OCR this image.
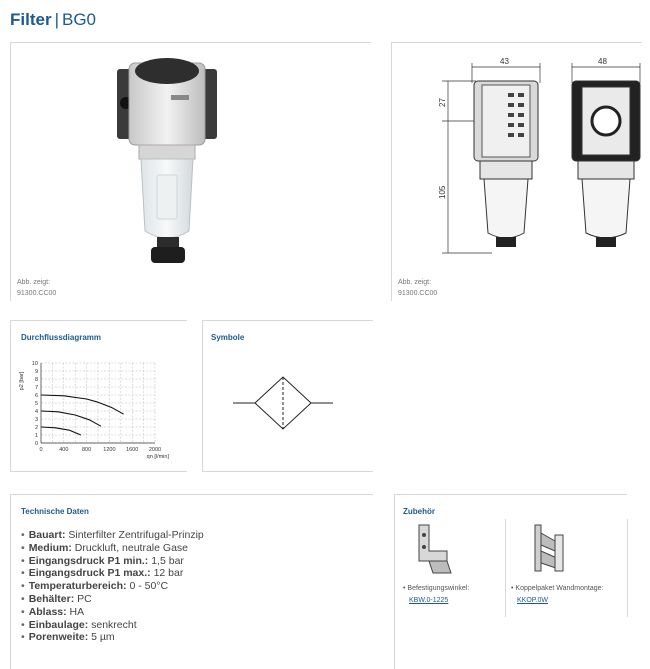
Filter | BG0
Abb. zeigt:
91300.CC00
43	48
27
105
Abb. zeigt:
91300.CC00
Durchflussdiagramm
10
9
8
7
6
5
4
3
2
1
0
0	400 800 1200 1600 2000
p2 [bar]
qn [l/min]
Symbole
Technische Daten
• Bauart: Sinterfilter Zentrifugal-Prinzip
• Medium: Druckluft, neutrale Gase
• Eingangsdruck P1 min.: 1,5 bar
• Eingangsdruck P1 max.: 12 bar
• Temperaturbereich: 0 - 50°C
• Behälter: PC
• Ablass: HA
• Einbaulage: senkrecht
• Porenweite: 5 µm
Zubehör
• Befestigungswinkel:
KBW.0-1225
• Koppelpaket Wandmontage:
KKOP.0W
